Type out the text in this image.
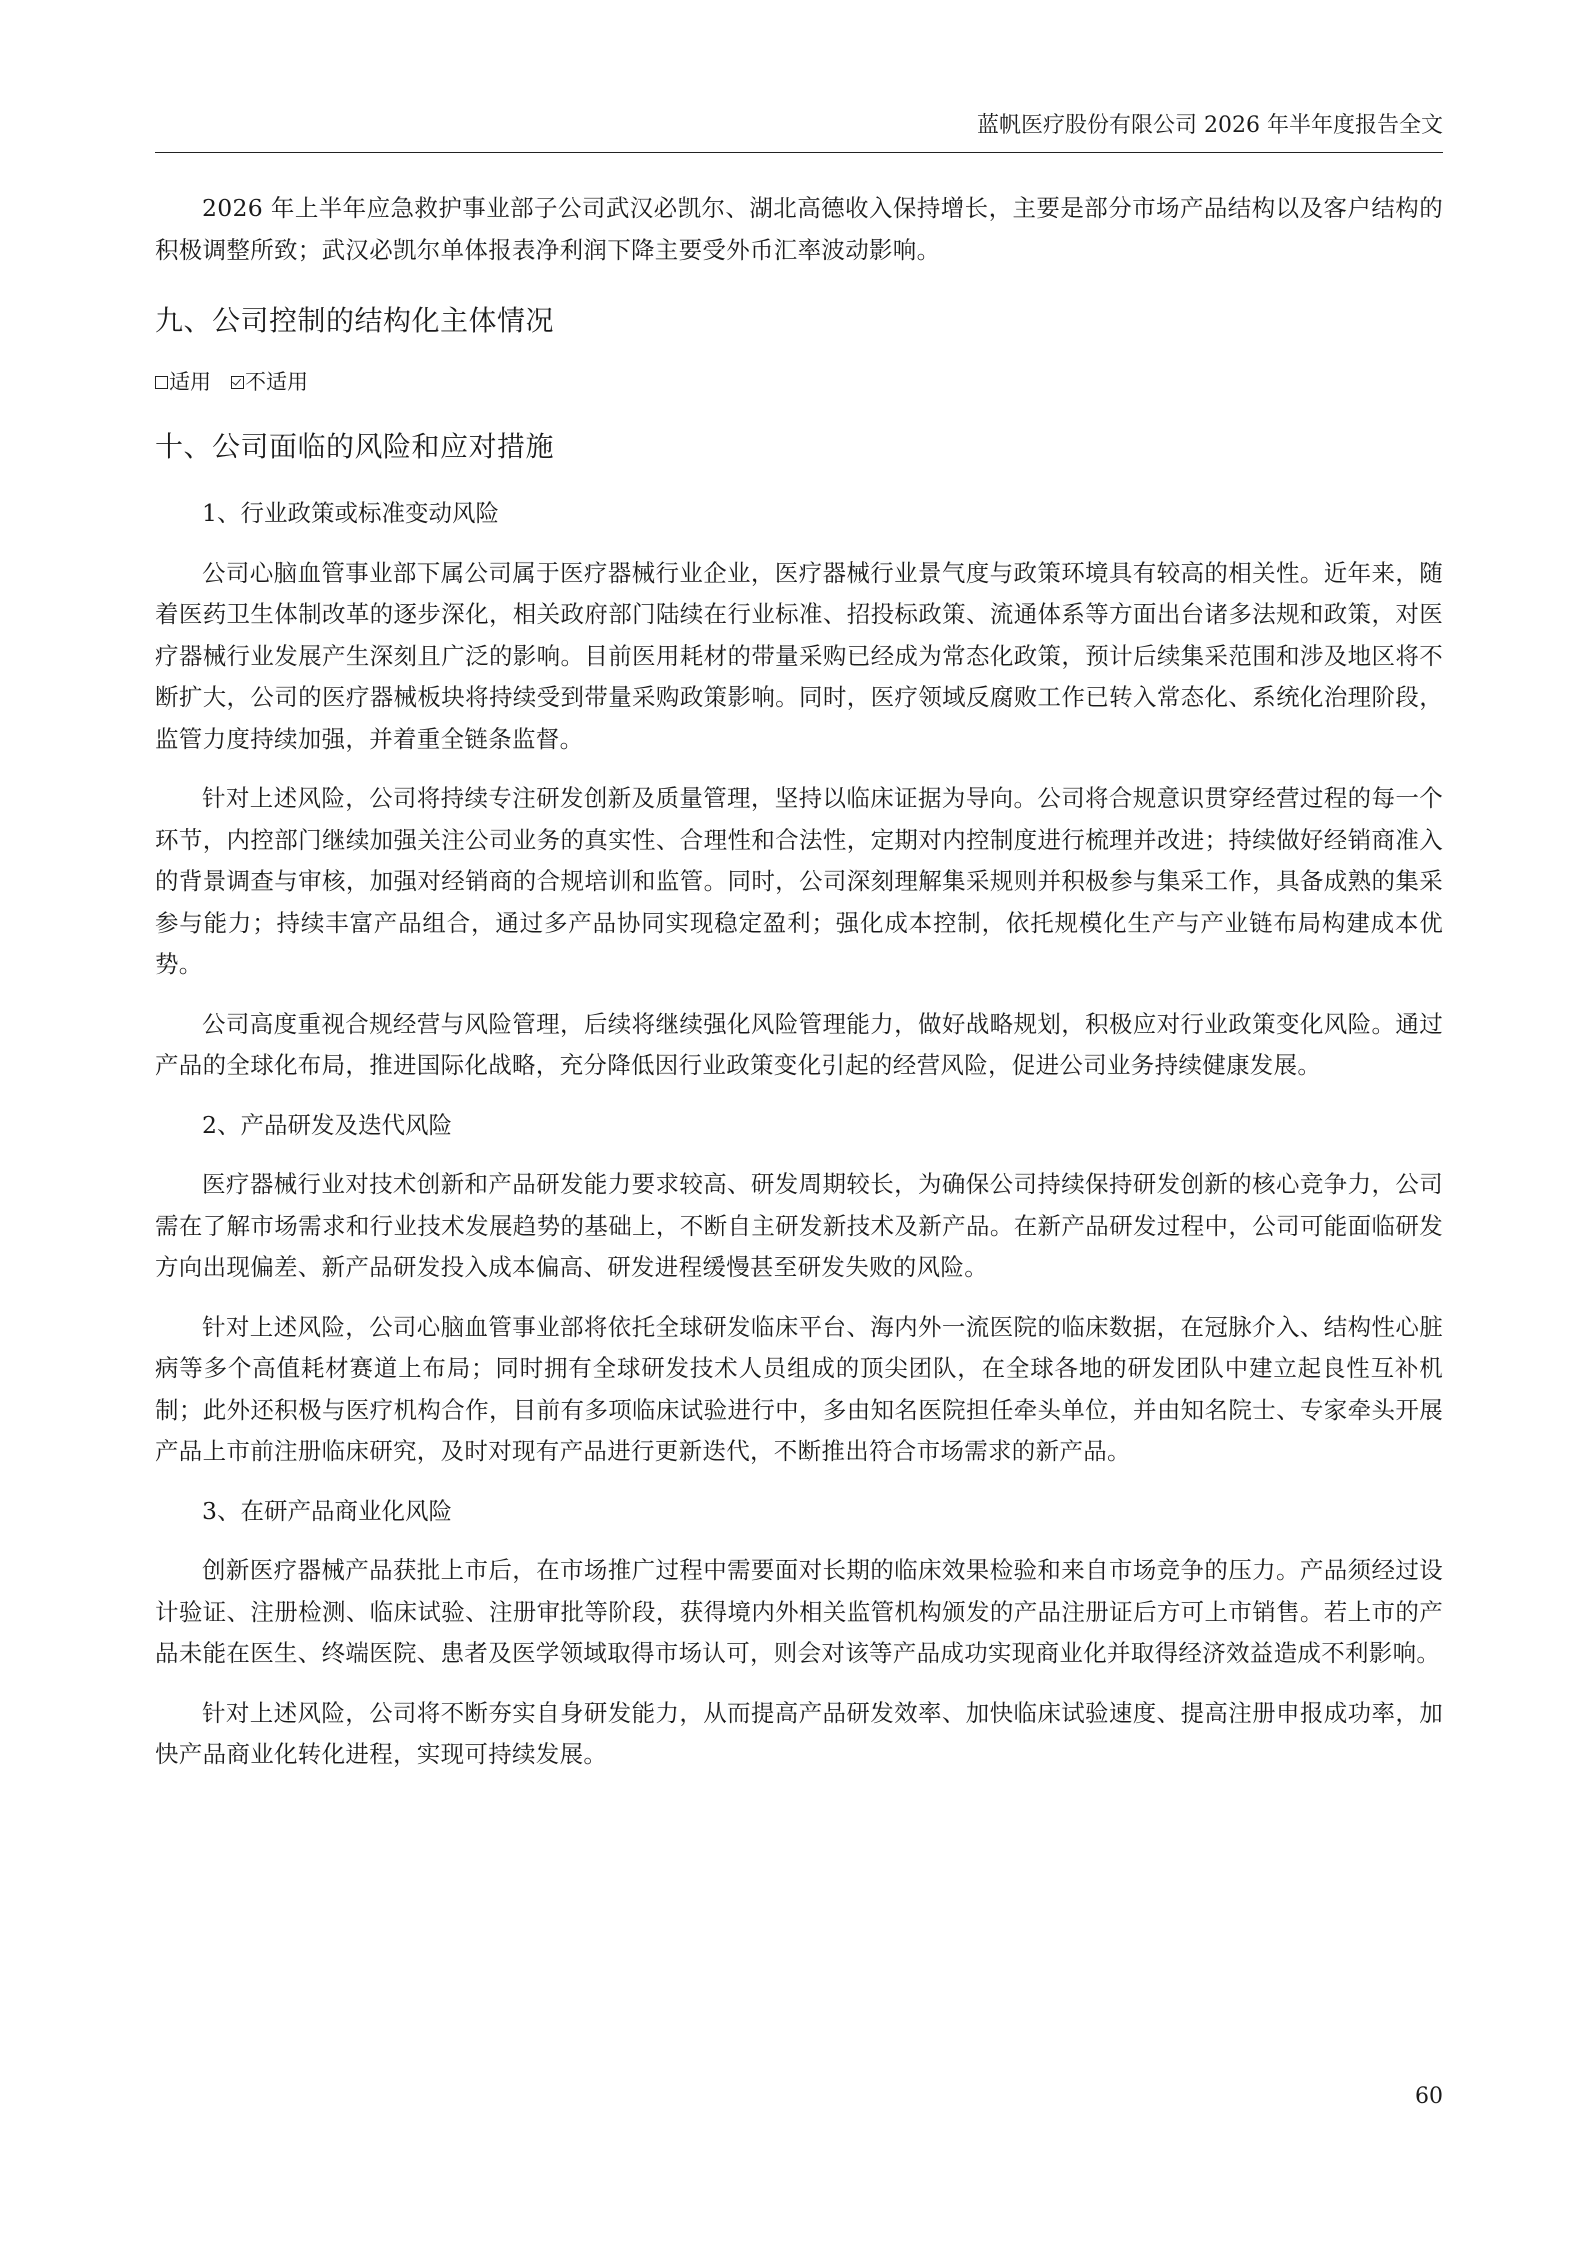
蓝帆医疗股份有限公司 2026 年半年度报告全文

2026 年上半年应急救护事业部子公司武汉必凯尔、湖北高德收入保持增长，主要是部分市场产品结构以及客户结构的积极调整所致；武汉必凯尔单体报表净利润下降主要受外币汇率波动影响。

九、公司控制的结构化主体情况
适用 不适用
十、公司面临的风险和应对措施
1、行业政策或标准变动风险

公司心脑血管事业部下属公司属于医疗器械行业企业，医疗器械行业景气度与政策环境具有较高的相关性。近年来，随着医药卫生体制改革的逐步深化，相关政府部门陆续在行业标准、招投标政策、流通体系等方面出台诸多法规和政策，对医疗器械行业发展产生深刻且广泛的影响。目前医用耗材的带量采购已经成为常态化政策，预计后续集采范围和涉及地区将不断扩大，公司的医疗器械板块将持续受到带量采购政策影响。同时，医疗领域反腐败工作已转入常态化、系统化治理阶段，监管力度持续加强，并着重全链条监督。

针对上述风险，公司将持续专注研发创新及质量管理，坚持以临床证据为导向。公司将合规意识贯穿经营过程的每一个环节，内控部门继续加强关注公司业务的真实性、合理性和合法性，定期对内控制度进行梳理并改进；持续做好经销商准入的背景调查与审核，加强对经销商的合规培训和监管。同时，公司深刻理解集采规则并积极参与集采工作，具备成熟的集采参与能力；持续丰富产品组合，通过多产品协同实现稳定盈利；强化成本控制，依托规模化生产与产业链布局构建成本优势。

公司高度重视合规经营与风险管理，后续将继续强化风险管理能力，做好战略规划，积极应对行业政策变化风险。通过产品的全球化布局，推进国际化战略，充分降低因行业政策变化引起的经营风险，促进公司业务持续健康发展。

2、产品研发及迭代风险

医疗器械行业对技术创新和产品研发能力要求较高、研发周期较长，为确保公司持续保持研发创新的核心竞争力，公司需在了解市场需求和行业技术发展趋势的基础上，不断自主研发新技术及新产品。在新产品研发过程中，公司可能面临研发方向出现偏差、新产品研发投入成本偏高、研发进程缓慢甚至研发失败的风险。

针对上述风险，公司心脑血管事业部将依托全球研发临床平台、海内外一流医院的临床数据，在冠脉介入、结构性心脏病等多个高值耗材赛道上布局；同时拥有全球研发技术人员组成的顶尖团队，在全球各地的研发团队中建立起良性互补机制；此外还积极与医疗机构合作，目前有多项临床试验进行中，多由知名医院担任牵头单位，并由知名院士、专家牵头开展产品上市前注册临床研究，及时对现有产品进行更新迭代，不断推出符合市场需求的新产品。

3、在研产品商业化风险

创新医疗器械产品获批上市后，在市场推广过程中需要面对长期的临床效果检验和来自市场竞争的压力。产品须经过设计验证、注册检测、临床试验、注册审批等阶段，获得境内外相关监管机构颁发的产品注册证后方可上市销售。若上市的产品未能在医生、终端医院、患者及医学领域取得市场认可，则会对该等产品成功实现商业化并取得经济效益造成不利影响。

针对上述风险，公司将不断夯实自身研发能力，从而提高产品研发效率、加快临床试验速度、提高注册申报成功率，加快产品商业化转化进程，实现可持续发展。

60
